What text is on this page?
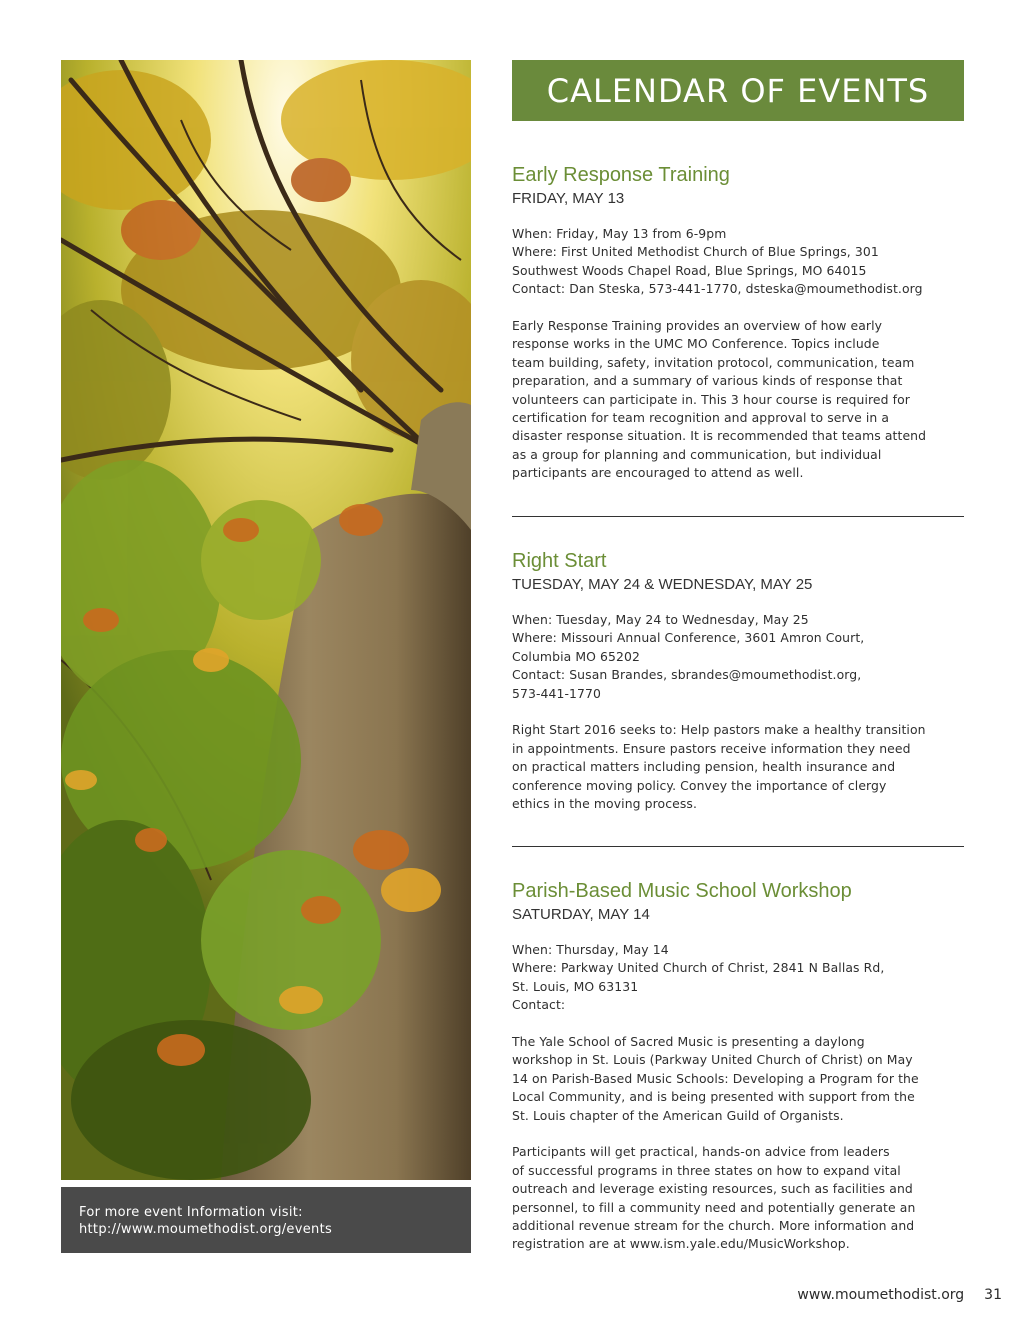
For more event Information visit:
http://www.moumethodist.org/events
CALENDAR OF EVENTS
Early Response Training
FRIDAY, MAY 13
When: Friday, May 13 from 6-9pm
Where: First United Methodist Church of Blue Springs, 301
Southwest Woods Chapel Road, Blue Springs, MO 64015
Contact: Dan Steska, 573-441-1770, dsteska@moumethodist.org
Early Response Training provides an overview of how early
response works in the UMC MO Conference. Topics include
team building, safety, invitation protocol, communication, team
preparation, and a summary of various kinds of response that
volunteers can participate in. This 3 hour course is required for
certification for team recognition and approval to serve in a
disaster response situation. It is recommended that teams attend
as a group for planning and communication, but individual
participants are encouraged to attend as well.
Right Start
TUESDAY, MAY 24 & WEDNESDAY, MAY 25
When: Tuesday, May 24 to Wednesday, May 25
Where: Missouri Annual Conference, 3601 Amron Court,
Columbia MO 65202
Contact: Susan Brandes, sbrandes@moumethodist.org,
573-441-1770
Right Start 2016 seeks to: Help pastors make a healthy transition
in appointments. Ensure pastors receive information they need
on practical matters including pension, health insurance and
conference moving policy. Convey the importance of clergy
ethics in the moving process.
Parish-Based Music School Workshop
SATURDAY, MAY 14
When: Thursday, May 14
Where: Parkway United Church of Christ, 2841 N Ballas Rd,
St. Louis, MO 63131
Contact:
The Yale School of Sacred Music is presenting a daylong
workshop in St. Louis (Parkway United Church of Christ) on May
14 on Parish-Based Music Schools: Developing a Program for the
Local Community, and is being presented with support from the
St. Louis chapter of the American Guild of Organists.
Participants will get practical, hands-on advice from leaders
of successful programs in three states on how to expand vital
outreach and leverage existing resources, such as facilities and
personnel, to fill a community need and potentially generate an
additional revenue stream for the church. More information and
registration are at www.ism.yale.edu/MusicWorkshop.
www.moumethodist.org 31
